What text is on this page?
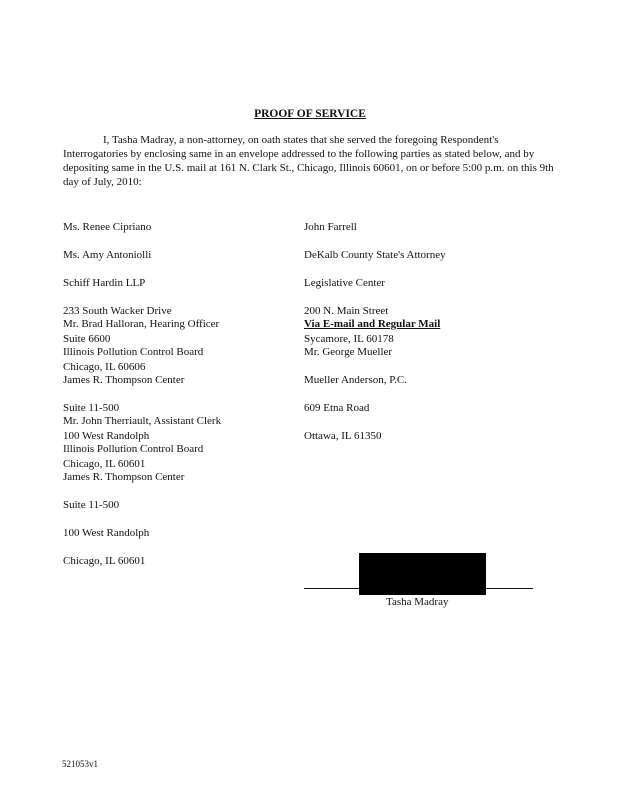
PROOF OF SERVICE

I, Tasha Madray, a non-attorney, on oath states that she served the foregoing Respondent's Interrogatories by enclosing same in an envelope addressed to the following parties as stated below, and by depositing same in the U.S. mail at 161 N. Clark St., Chicago, Illinois 60601, on or before 5:00 p.m. on this 9th day of July, 2010:

Ms. Renee Cipriano

Ms. Amy Antoniolli

Schiff Hardin LLP

233 South Wacker Drive

Suite 6600

Chicago, IL 60606

John Farrell

DeKalb County State's Attorney

Legislative Center

200 N. Main Street

Sycamore, IL 60178

Mr. Brad Halloran, Hearing Officer

Illinois Pollution Control Board

James R. Thompson Center

Suite 11-500

100 West Randolph

Chicago, IL 60601

Via E-mail and Regular Mail

Mr. George Mueller

Mueller Anderson, P.C.

609 Etna Road

Ottawa, IL 61350

Mr. John Therriault, Assistant Clerk

Illinois Pollution Control Board

James R. Thompson Center

Suite 11-500

100 West Randolph

Chicago, IL 60601

Tasha Madray
521053v1
